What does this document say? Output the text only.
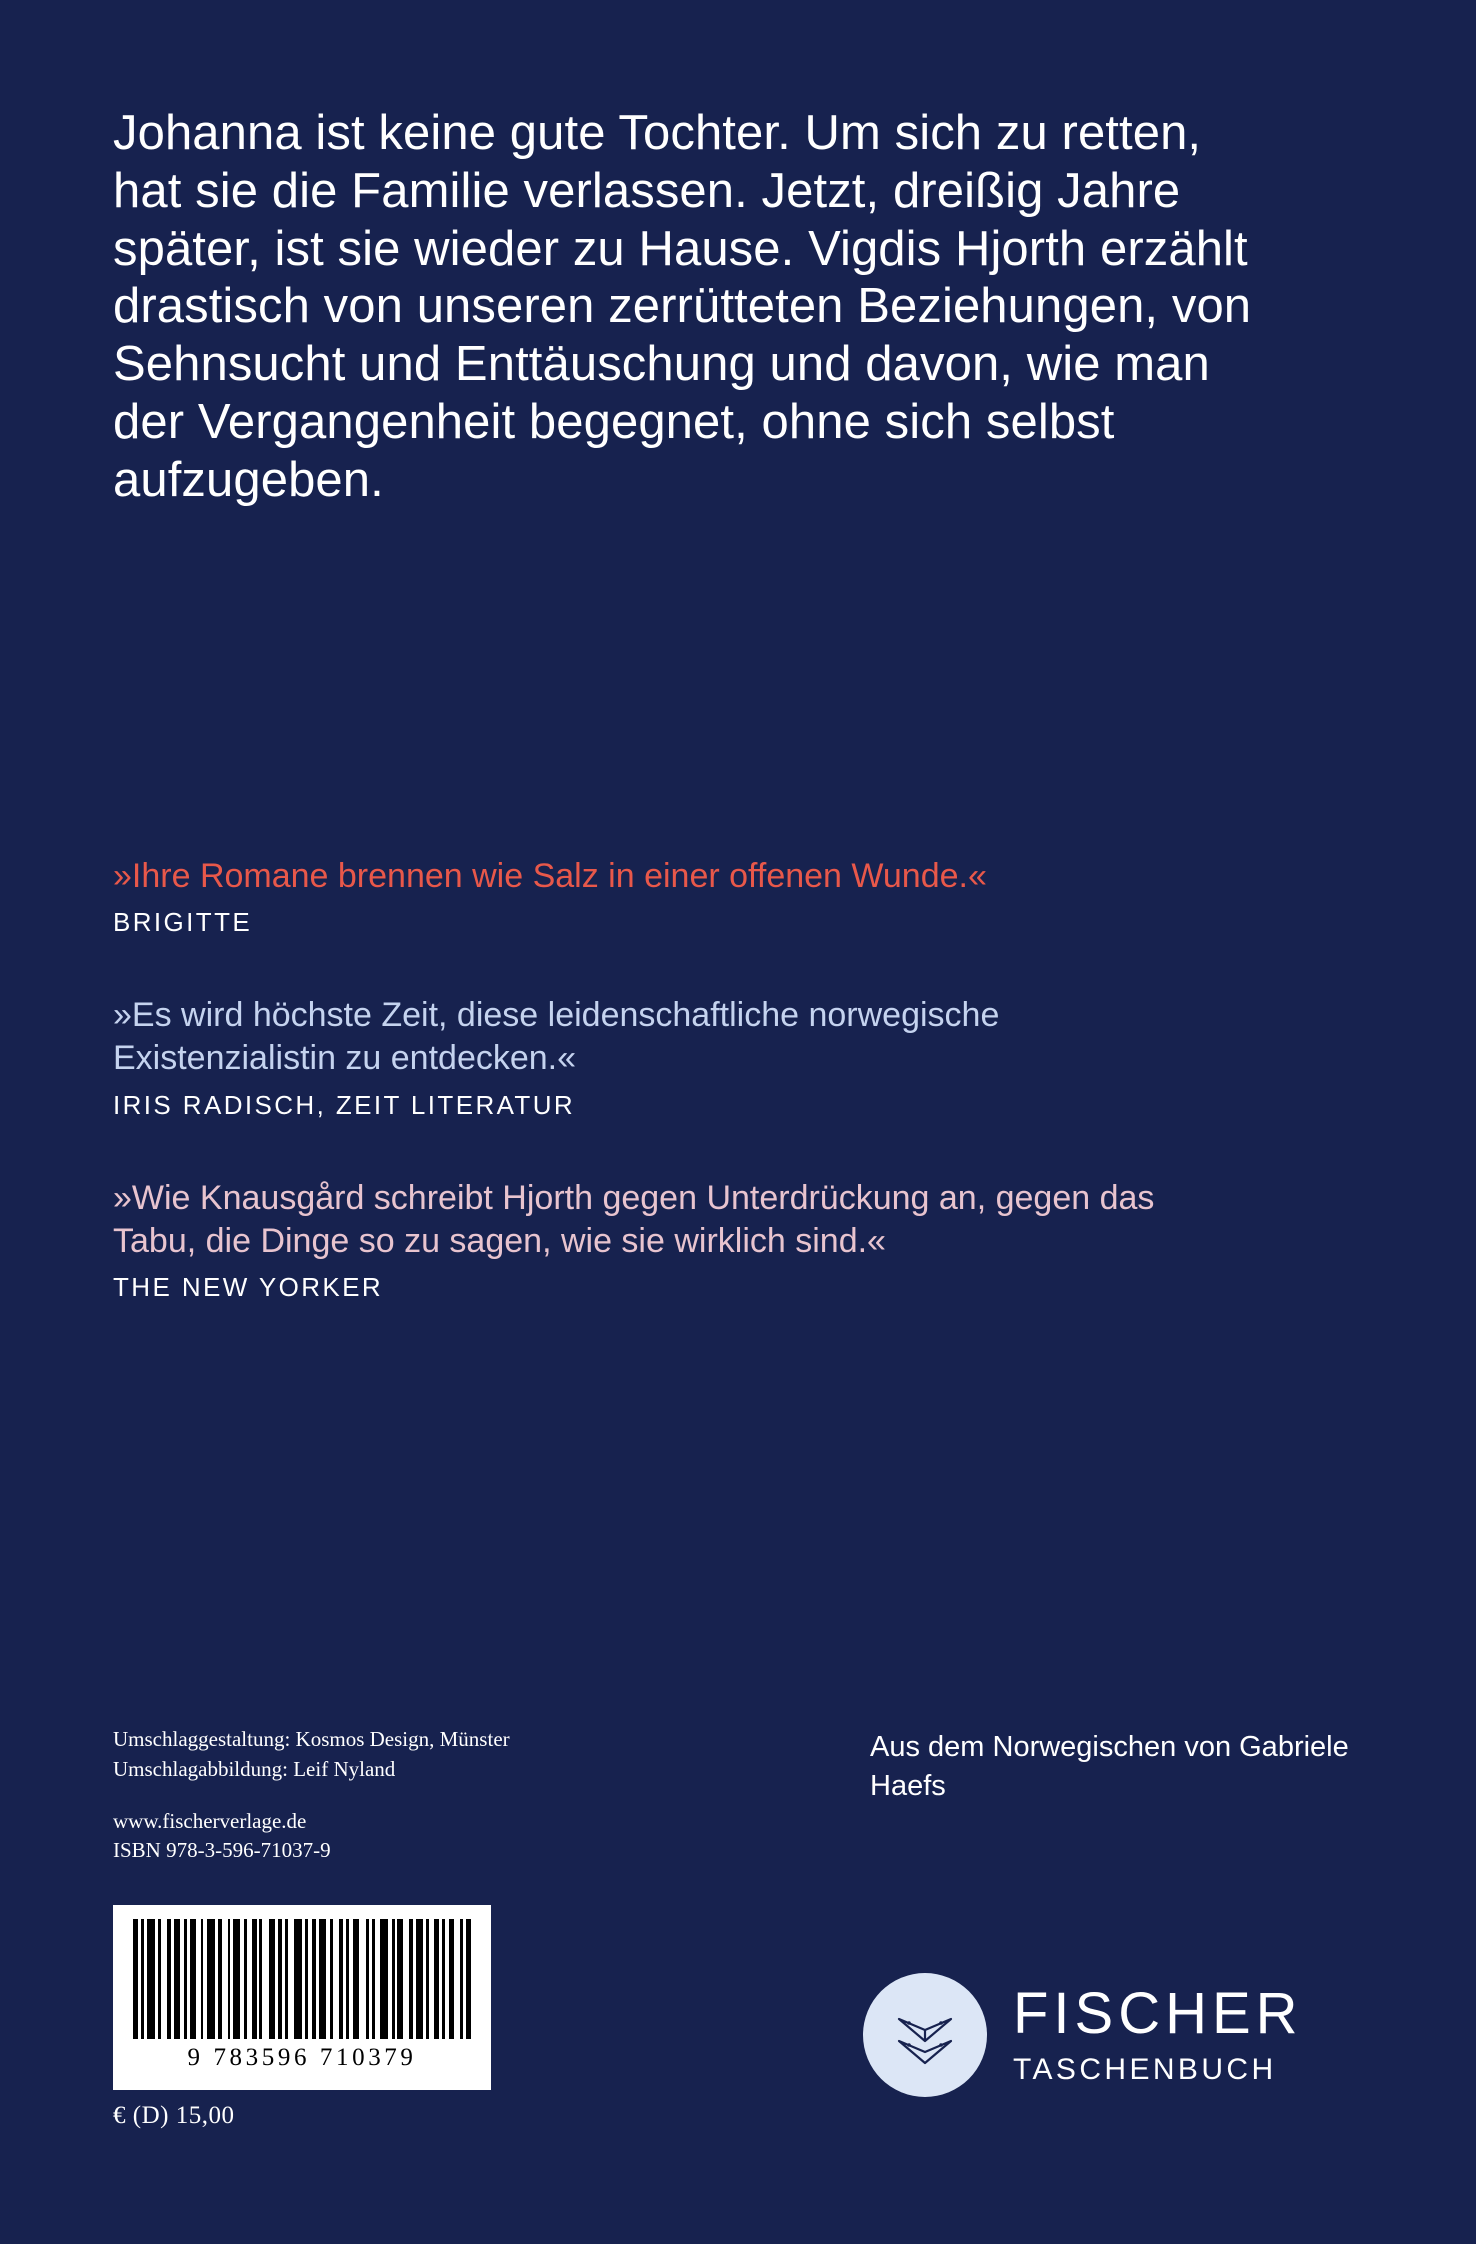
Johanna ist keine gute Tochter. Um sich zu retten, hat sie die Familie verlassen. Jetzt, dreißig Jahre später, ist sie wieder zu Hause. Vigdis Hjorth erzählt drastisch von unseren zerrütteten Beziehungen, von Sehnsucht und Enttäuschung und davon, wie man der Vergangenheit begegnet, ohne sich selbst aufzugeben.
»Ihre Romane brennen wie Salz in einer offenen Wunde.«
BRIGITTE
»Es wird höchste Zeit, diese leidenschaftliche norwegische Existenzialistin zu entdecken.«
IRIS RADISCH, ZEIT LITERATUR
»Wie Knausgård schreibt Hjorth gegen Unterdrückung an, gegen das Tabu, die Dinge so zu sagen, wie sie wirklich sind.«
THE NEW YORKER
Umschlaggestaltung: Kosmos Design, Münster
Umschlagabbildung: Leif Nyland
www.fischerverlage.de
ISBN 978-3-596-71037-9
Aus dem Norwegischen von Gabriele Haefs
9 783596 710379
€ (D) 15,00
FISCHER
TASCHENBUCH
